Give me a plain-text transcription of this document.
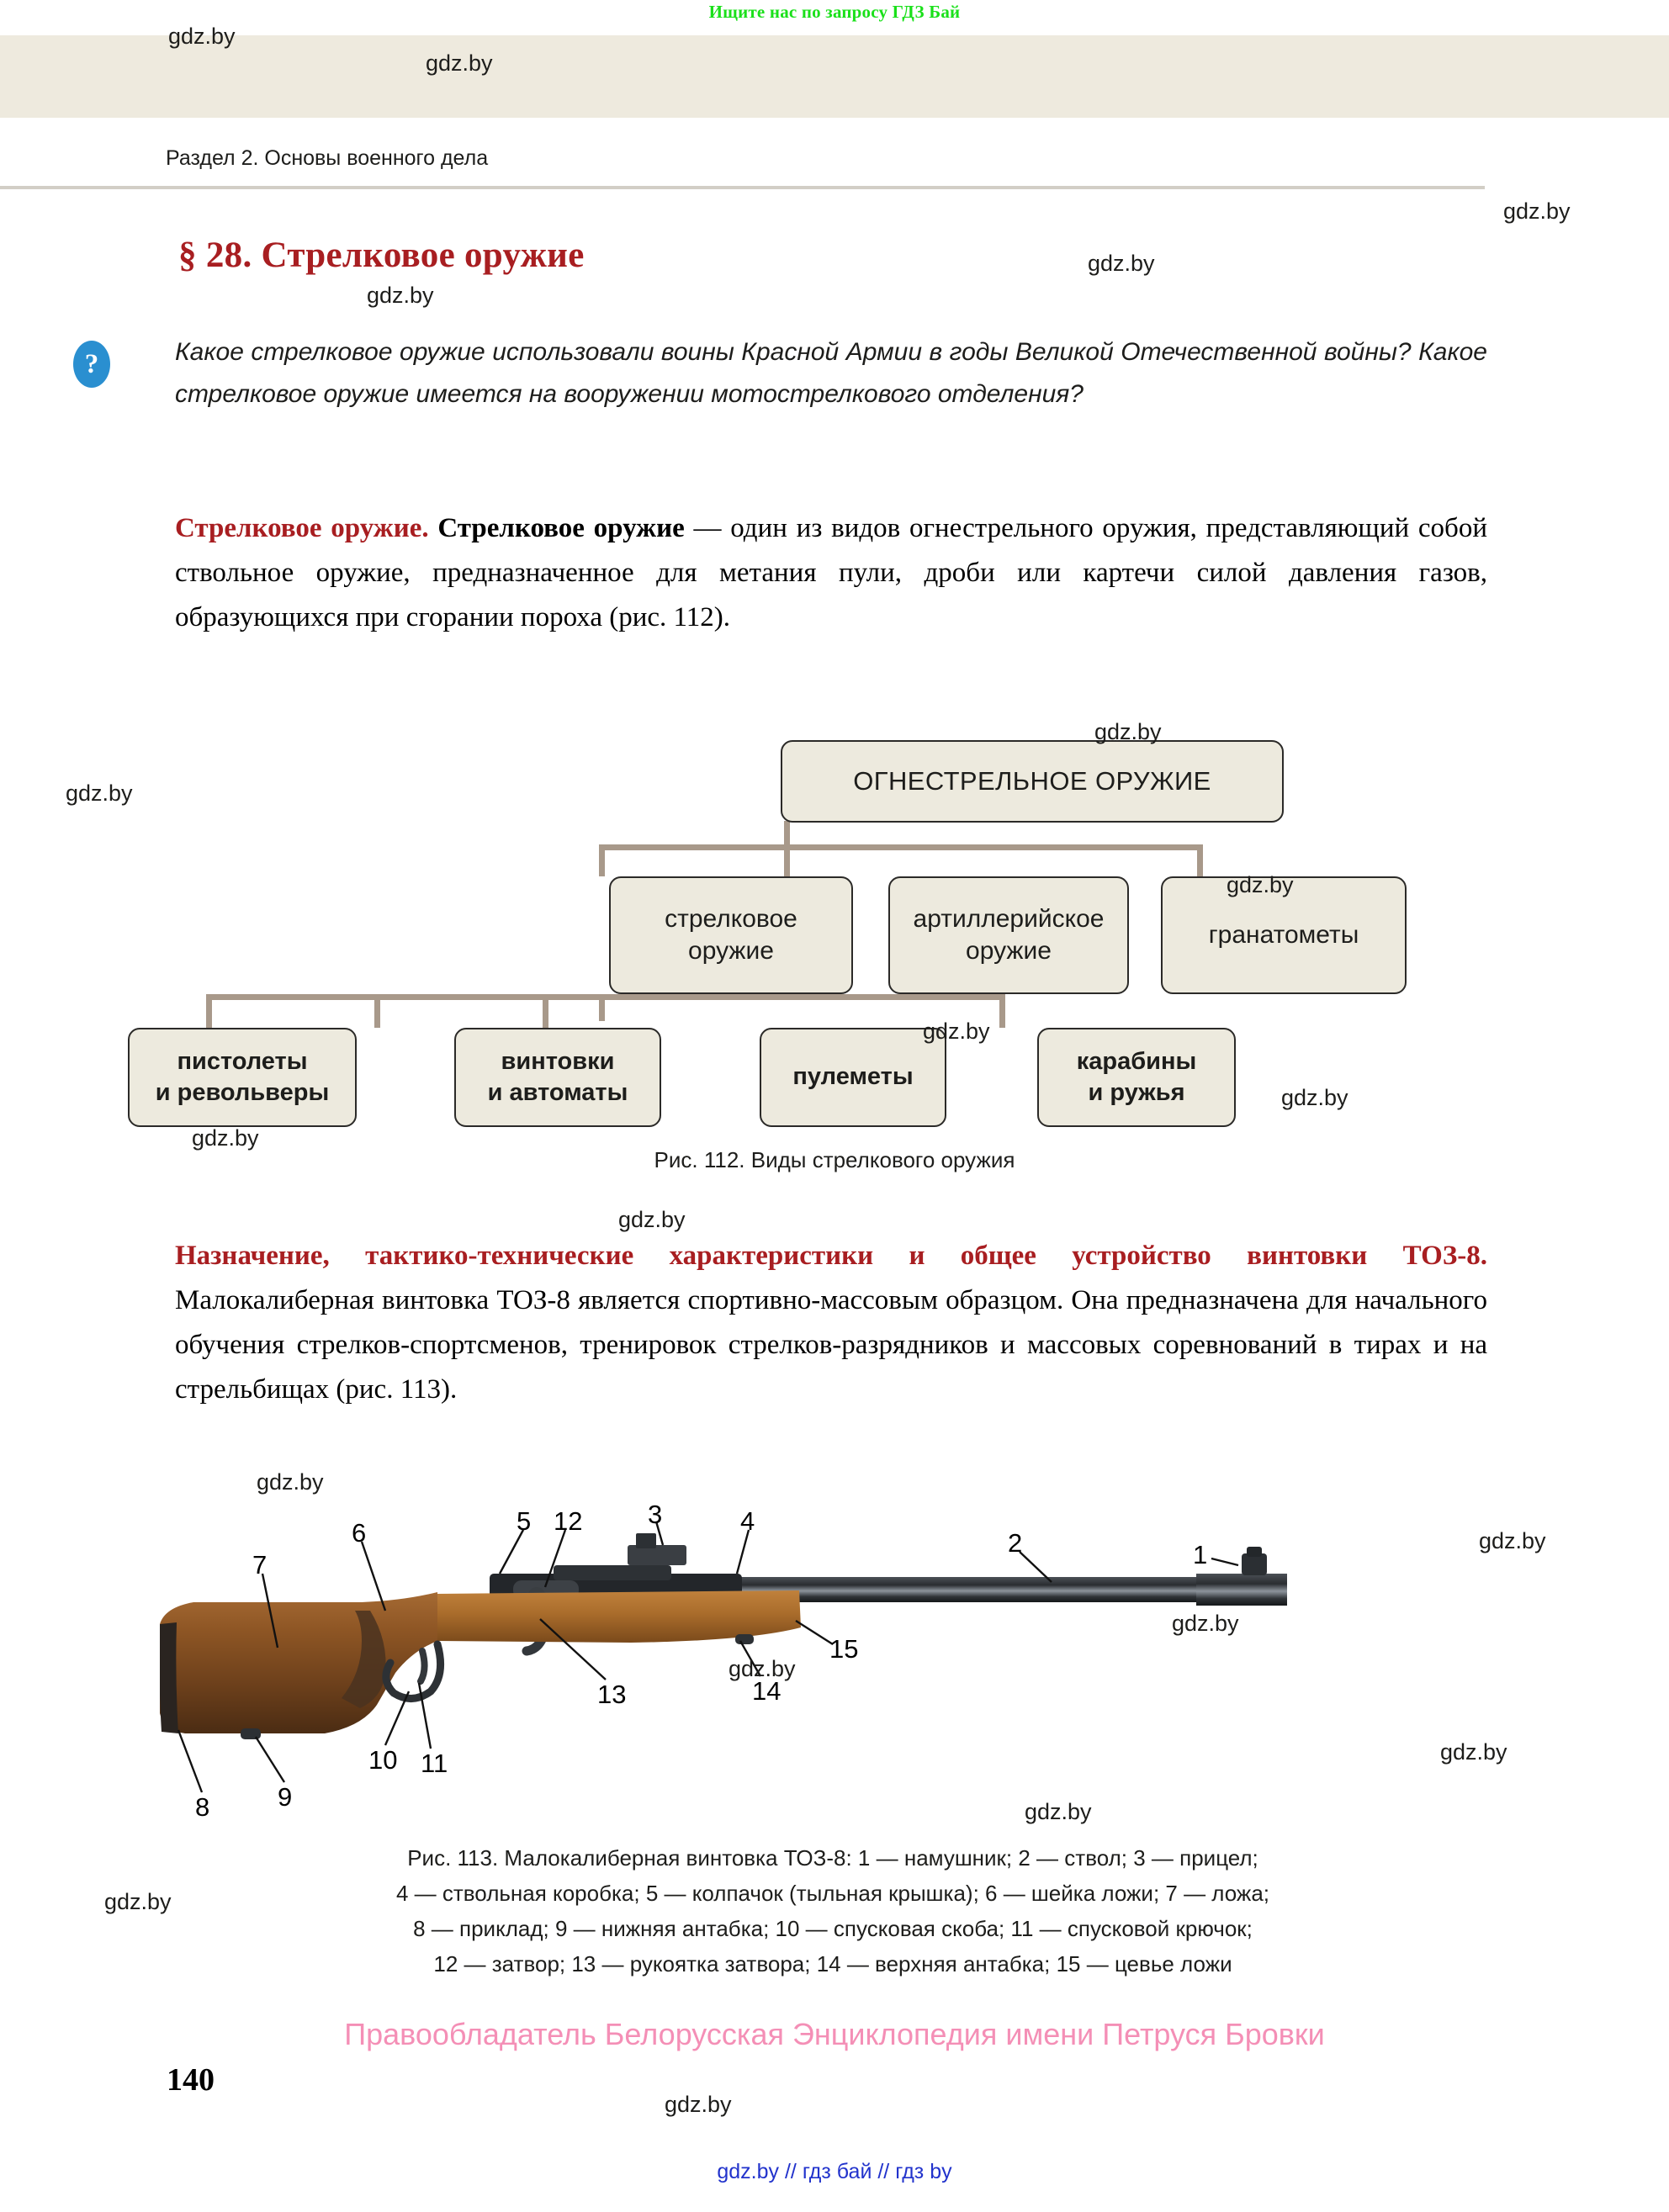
Ищите нас по запросу ГДЗ Бай
Раздел 2. Основы военного дела
§ 28. Стрелковое оружие
?	Какое стрелковое оружие использовали воины Красной Армии в годы Великой Отечественной войны? Какое стрелковое оружие имеется на вооружении мотострелкового отделения?
Стрелковое оружие. Стрелковое оружие — один из видов огнестрельного оружия, представляющий собой ствольное оружие, предназначенное для метания пули, дроби или картечи силой давления газов, образующихся при сгорании пороха (рис. 112).
ОГНЕСТРЕЛЬНОЕ ОРУЖИЕ
стрелковое
оружие
артиллерийское
оружие
гранатометы
пистолеты
и револьверы
винтовки
и автоматы
пулеметы
карабины
и ружья
Рис. 112. Виды стрелкового оружия
Назначение, тактико-технические характеристики и общее устройство винтовки ТОЗ-8. Малокалиберная винтовка ТОЗ-8 является спортивно-массовым образцом. Она предназначена для начального обучения стрелков-спортсменов, тренировок стрелков-разрядников и массовых соревнований в тирах и на стрельбищах (рис. 113).
1
2
3	4
5
6
7
8	9
10 11
12
13	14
15
Рис. 113. Малокалиберная винтовка ТОЗ-8: 1 — намушник; 2 — ствол; 3 — прицел;
4 — ствольная коробка; 5 — колпачок (тыльная крышка); 6 — шейка ложи; 7 — ложа;
8 — приклад; 9 — нижняя антабка; 10 — спусковая скоба; 11 — спусковой крючок;
12 — затвор; 13 — рукоятка затвора; 14 — верхняя антабка; 15 — цевье ложи
Правообладатель Белорусская Энциклопедия имени Петруся Бровки
140
gdz.by // гдз бай // гдз by
gdz.by
gdz.by
gdz.by
gdz.by
gdz.by
gdz.by
gdz.by
gdz.by
gdz.by
gdz.by
gdz.by
gdz.by
gdz.by
gdz.by
gdz.by
gdz.by
gdz.by
gdz.by
gdz.by
gdz.by
